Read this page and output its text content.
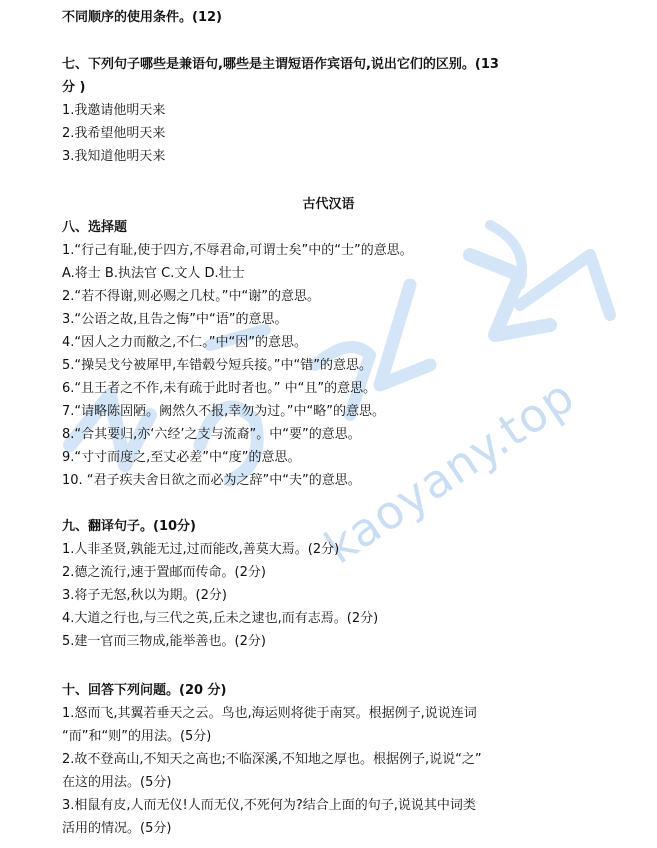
kaoyany.top
不同顺序的使用条件。(12)
七、下列句子哪些是兼语句,哪些是主谓短语作宾语句,说出它们的区别。(13
分 )
1.我邀请他明天来
2.我希望他明天来
3.我知道他明天来
古代汉语
八、选择题
1.“行己有耻,使于四方,不辱君命,可谓士矣”中的“士”的意思。
A.将士 B.执法官 C.文人 D.壮士
2.“若不得谢,则必赐之几杖。”中“谢”的意思。
3.“公语之故,且告之悔”中“语”的意思。
4.“因人之力而敝之,不仁。”中“因”的意思。
5.“操吴戈兮被犀甲,车错毂兮短兵接。”中“错”的意思。
6.“且王者之不作,未有疏于此时者也。” 中“且”的意思。
7.“请略陈固陋。阙然久不报,幸勿为过。”中“略”的意思。
8.“合其要归,亦‘六经’之支与流裔”。中“要”的意思。
9.“寸寸而度之,至丈必差”中“度”的意思。
10. “君子疾夫舍日欲之而必为之辞”中“夫”的意思。
九、翻译句子。(10分)
1.人非圣贤,孰能无过,过而能改,善莫大焉。(2分)
2.德之流行,速于置邮而传命。(2分)
3.将子无怒,秋以为期。(2分)
4.大道之行也,与三代之英,丘未之逮也,而有志焉。(2分)
5.建一官而三物成,能举善也。(2分)
十、回答下列问题。(20 分)
1.怒而飞,其翼若垂天之云。鸟也,海运则将徙于南冥。根据例子,说说连词
“而”和“则”的用法。(5分)
2.故不登高山,不知天之高也;不临深溪,不知地之厚也。根据例子,说说“之”
在这的用法。(5分)
3.相鼠有皮,人而无仪!人而无仪,不死何为?结合上面的句子,说说其中词类
活用的情况。(5分)
